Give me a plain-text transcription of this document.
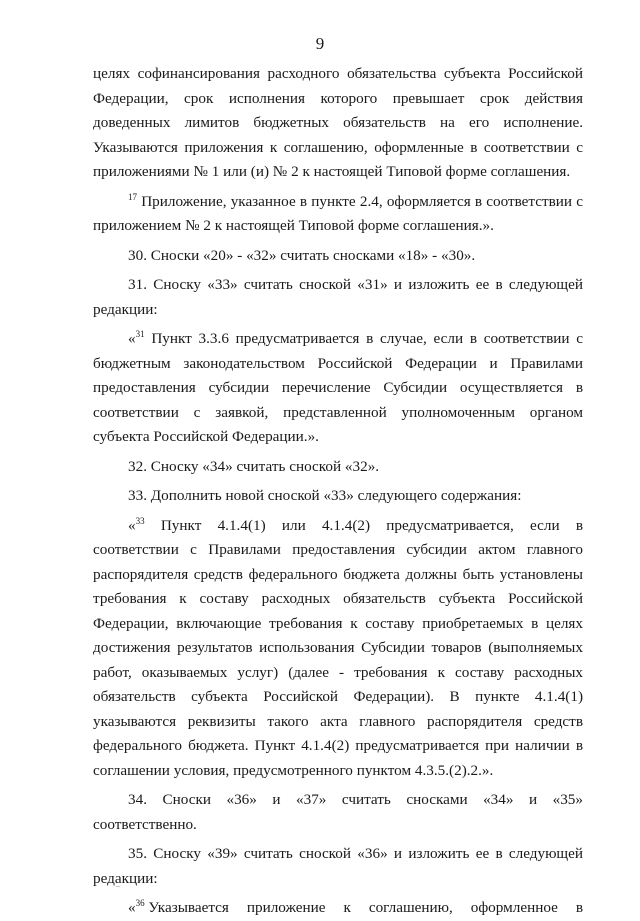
9

целях софинансирования расходного обязательства субъекта Российской Федерации, срок исполнения которого превышает срок действия доведенных лимитов бюджетных обязательств на его исполнение. Указываются приложения к соглашению, оформленные в соответствии с приложениями № 1 или (и) № 2 к настоящей Типовой форме соглашения.

$^{17}$ Приложение, указанное в пункте 2.4, оформляется в соответствии с приложением № 2 к настоящей Типовой форме соглашения.».

30. Сноски «20» - «32» считать сносками «18» - «30».

31. Сноску «33» считать сноской «31» и изложить ее в следующей редакции:

«$^{31}$ Пункт 3.3.6 предусматривается в случае, если в соответствии с бюджетным законодательством Российской Федерации и Правилами предоставления субсидии перечисление Субсидии осуществляется в соответствии с заявкой, представленной уполномоченным органом субъекта Российской Федерации.».

32. Сноску «34» считать сноской «32».

33. Дополнить новой сноской «33» следующего содержания:

«$^{33}$ Пункт 4.1.4(1) или 4.1.4(2) предусматривается, если в соответствии с Правилами предоставления субсидии актом главного распорядителя средств федерального бюджета должны быть установлены требования к составу расходных обязательств субъекта Российской Федерации, включающие требования к составу приобретаемых в целях достижения результатов использования Субсидии товаров (выполняемых работ, оказываемых услуг) (далее - требования к составу расходных обязательств субъекта Российской Федерации). В пункте 4.1.4(1) указываются реквизиты такого акта главного распорядителя средств федерального бюджета. Пункт 4.1.4(2) предусматривается при наличии в соглашении условия, предусмотренного пунктом 4.3.5.(2).2.».

34. Сноски «36» и «37» считать сносками «34» и «35» соответственно.

35. Сноску «39» считать сноской «36» и изложить ее в следующей редакции:

«$^{36}$ Указывается приложение к соглашению, оформленное в
